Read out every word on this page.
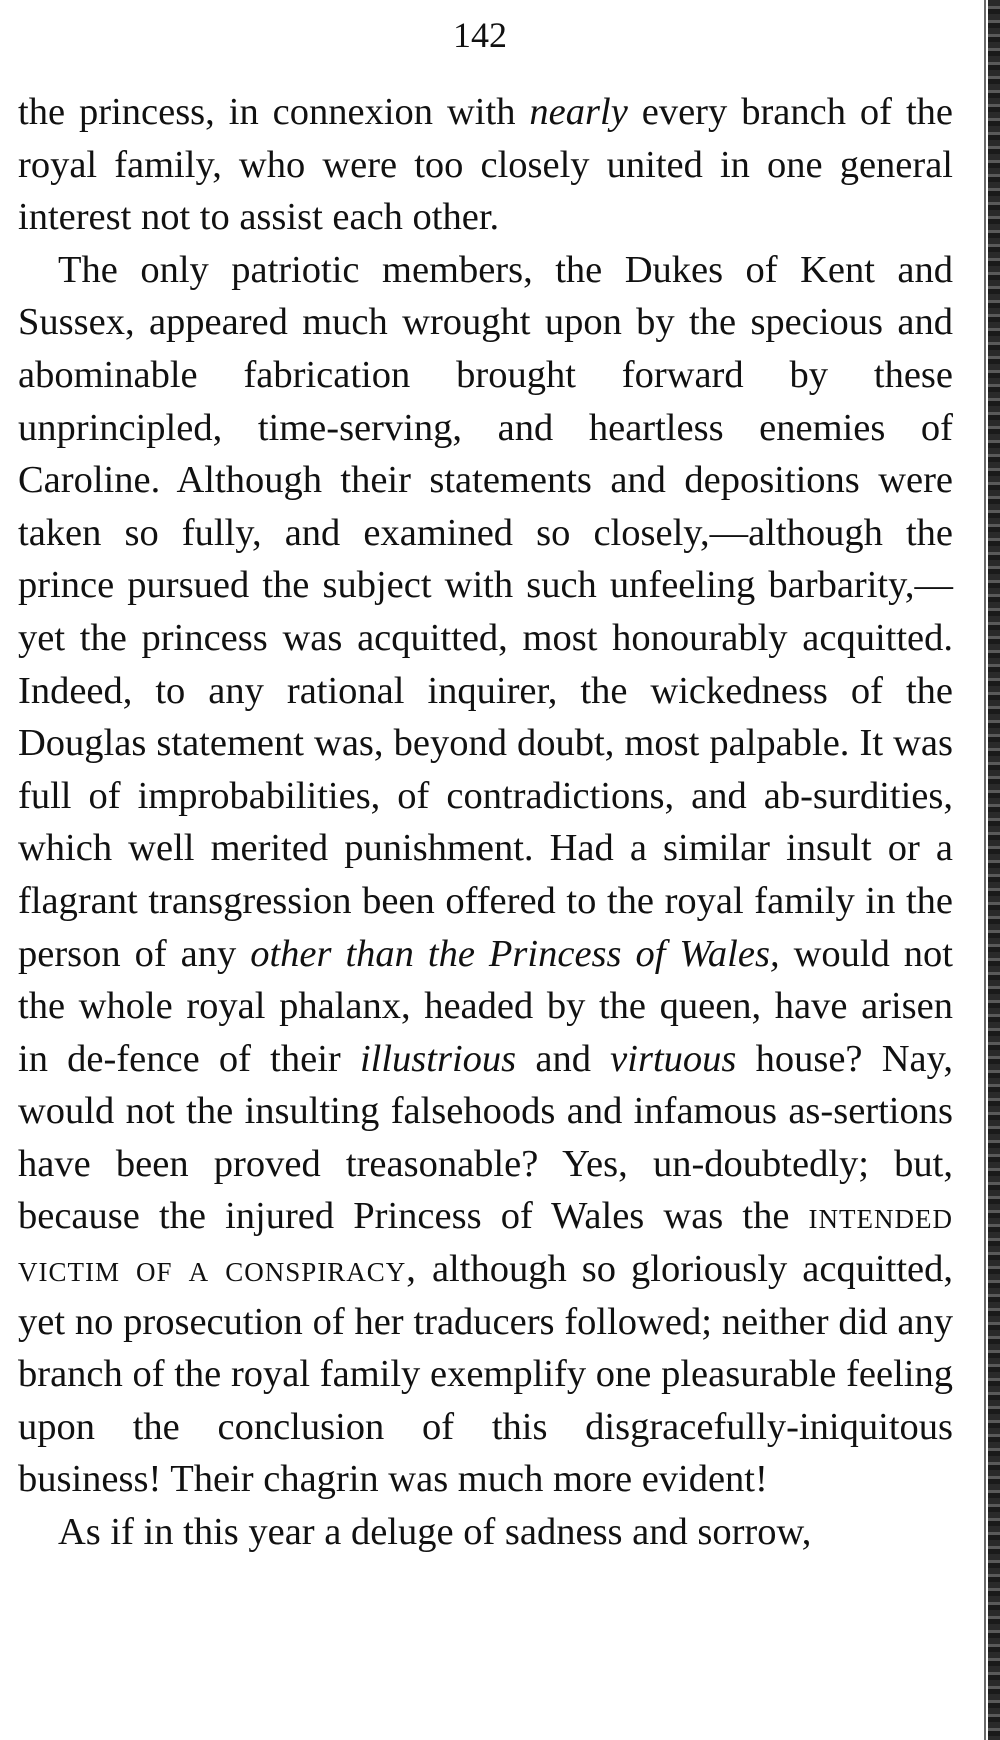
142

the princess, in connexion with nearly every branch of the royal family, who were too closely united in one general interest not to assist each other.

The only patriotic members, the Dukes of Kent and Sussex, appeared much wrought upon by the specious and abominable fabrication brought forward by these unprincipled, time-serving, and heartless enemies of Caroline. Although their statements and depositions were taken so fully, and examined so closely,—although the prince pursued the subject with such unfeeling barbarity,—yet the princess was acquitted, most honourably acquitted. Indeed, to any rational inquirer, the wickedness of the Douglas statement was, beyond doubt, most palpable. It was full of improbabilities, of contradictions, and ab-surdities, which well merited punishment. Had a similar insult or a flagrant transgression been offered to the royal family in the person of any other than the Princess of Wales, would not the whole royal phalanx, headed by the queen, have arisen in de-fence of their illustrious and virtuous house? Nay, would not the insulting falsehoods and infamous as-sertions have been proved treasonable? Yes, un-doubtedly; but, because the injured Princess of Wales was the intended victim of a conspiracy, although so gloriously acquitted, yet no prosecution of her traducers followed; neither did any branch of the royal family exemplify one pleasurable feeling upon the conclusion of this disgracefully-iniquitous business! Their chagrin was much more evident!

As if in this year a deluge of sadness and sorrow,
